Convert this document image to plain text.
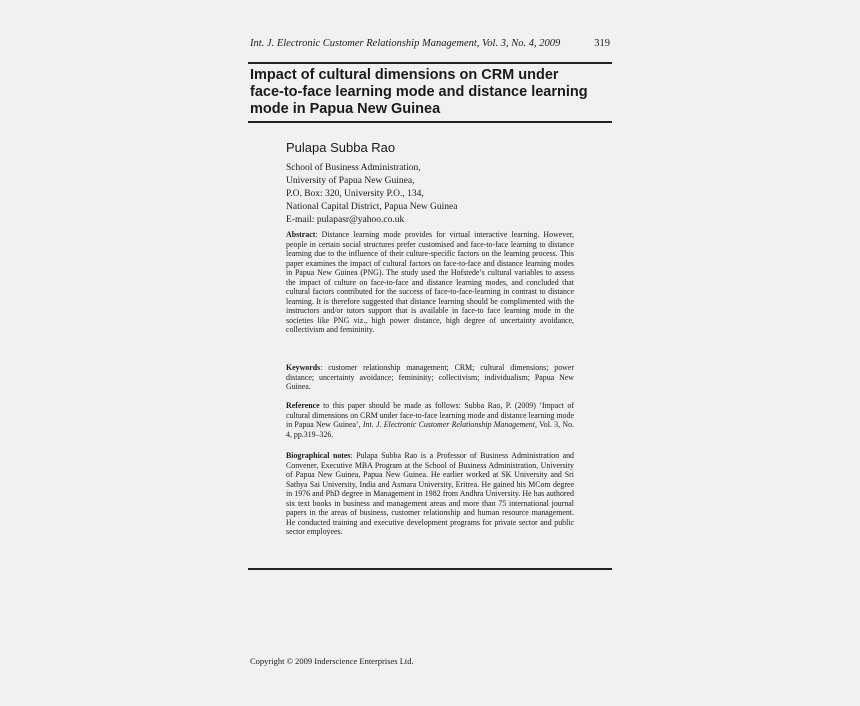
Int. J. Electronic Customer Relationship Management, Vol. 3, No. 4, 2009	319
Impact of cultural dimensions on CRM under
face-to-face learning mode and distance learning
mode in Papua New Guinea
Pulapa Subba Rao
School of Business Administration,
University of Papua New Guinea,
P.O. Box: 320, University P.O., 134,
National Capital District, Papua New Guinea
E-mail: pulapasr@yahoo.co.uk

Abstract: Distance learning mode provides for virtual interactive learning. However, people in certain social structures prefer customised and face-to-face learning to distance learning due to the influence of their culture-specific factors on the learning process. This paper examines the impact of cultural factors on face-to-face and distance learning modes in Papua New Guinea (PNG). The study used the Hofstede’s cultural variables to assess the impact of culture on face-to-face and distance learning modes, and concluded that cultural factors contributed for the success of face-to-face-learning in contrast to distance learning. It is therefore suggested that distance learning should be complimented with the instructors and/or tutors support that is available in face-to face learning mode in the societies like PNG viz., high power distance, high degree of uncertainty avoidance, collectivism and femininity.

Keywords: customer relationship management; CRM; cultural dimensions; power distance; uncertainty avoidance; femininity; collectivism; individualism; Papua New Guinea.

Reference to this paper should be made as follows: Subba Rao, P. (2009) ‘Impact of cultural dimensions on CRM under face-to-face learning mode and distance learning mode in Papua New Guinea’, Int. J. Electronic Customer Relationship Management, Vol. 3, No. 4, pp.319–326.

Biographical notes: Pulapa Subba Rao is a Professor of Business Administration and Convener, Executive MBA Program at the School of Business Administration, University of Papua New Guinea, Papua New Guinea. He earlier worked at SK University and Sri Sathya Sai University, India and Asmara University, Eritrea. He gained his MCom degree in 1976 and PhD degree in Management in 1982 from Andhra University. He has authored six text books in business and management areas and more than 75 international journal papers in the areas of business, customer relationship and human resource management. He conducted training and executive development programs for private sector and public sector employees.

Copyright © 2009 Inderscience Enterprises Ltd.
